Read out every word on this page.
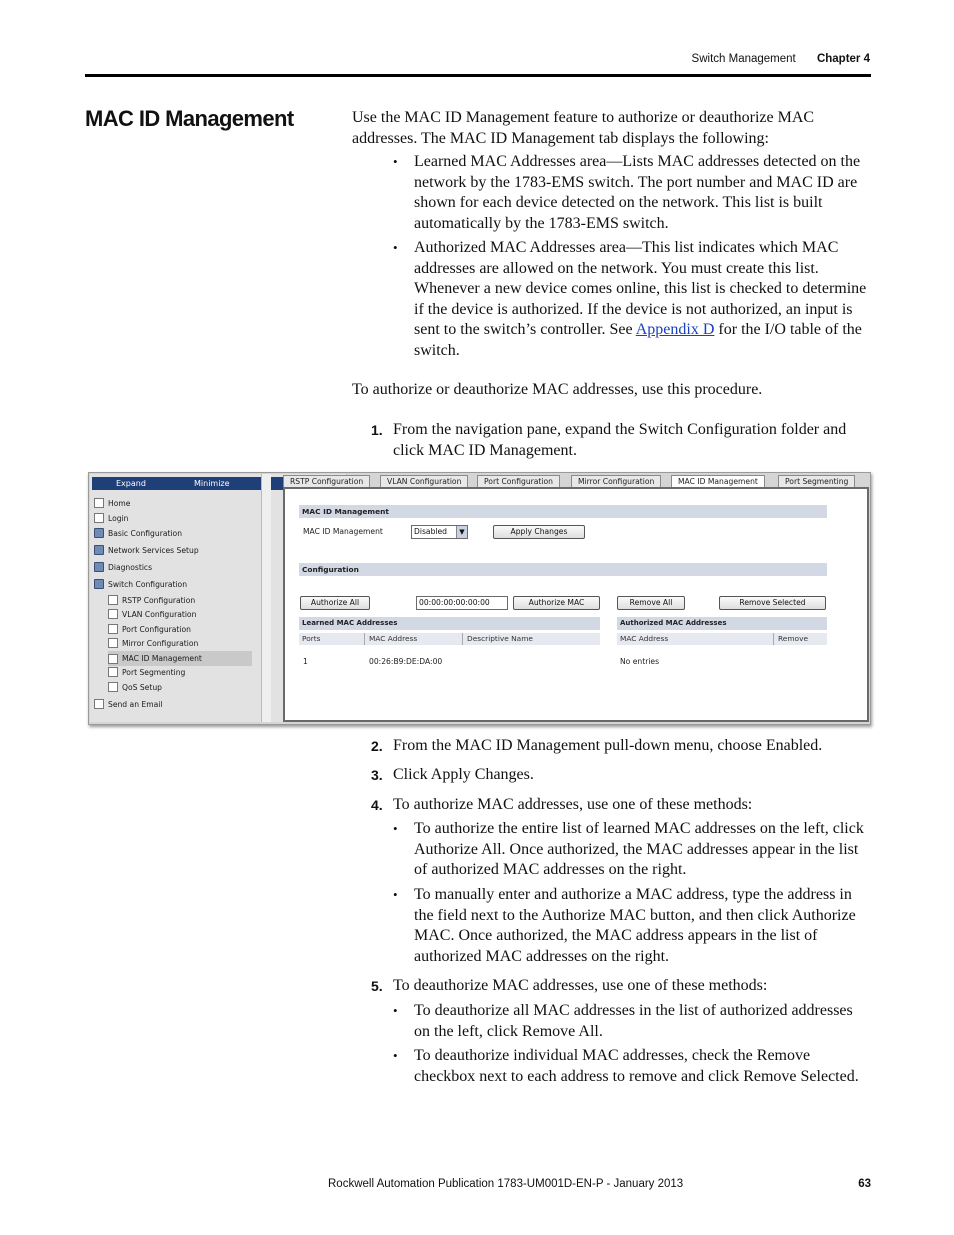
Switch Management Chapter 4
MAC ID Management	Use the MAC ID Management feature to authorize or deauthorize MAC addresses. The MAC ID Management tab displays the following:

• Learned MAC Addresses area—Lists MAC addresses detected on the network by the 1783-EMS switch. The port number and MAC ID are shown for each device detected on the network. This list is built automatically by the 1783-EMS switch.
• Authorized MAC Addresses area—This list indicates which MAC addresses are allowed on the network. You must create this list. Whenever a new device comes online, this list is checked to determine if the device is authorized. If the device is not authorized, an input is sent to the switch’s controller. See Appendix D for the I/O table of the switch.

To authorize or deauthorize MAC addresses, use this procedure.

1. From the navigation pane, expand the Switch Configuration folder and click MAC ID Management.
Expand	Minimize
Home
Login
Basic Configuration
Network Services Setup
Diagnostics
Switch Configuration
RSTP Configuration
VLAN Configuration
Port Configuration
Mirror Configuration
MAC ID Management
Port Segmenting
QoS Setup
Send an Email
RSTP Configuration	VLAN Configuration	Port Configuration	Mirror Configuration	MAC ID Management	Port Segmenting
MAC ID Management
MAC ID Management	Disabled	▼	Apply Changes
Configuration
Authorize All	00:00:00:00:00:00	Authorize MAC	Remove All	Remove Selected
Learned MAC Addresses
Ports	MAC Address	Descriptive Name
1	00:26:B9:DE:DA:00
Authorized MAC Addresses
MAC Address	Remove
No entries
2. From the MAC ID Management pull-down menu, choose Enabled.
3. Click Apply Changes.
4. To authorize MAC addresses, use one of these methods:
• To authorize the entire list of learned MAC addresses on the left, click Authorize All. Once authorized, the MAC addresses appear in the list of authorized MAC addresses on the right.
• To manually enter and authorize a MAC address, type the address in the field next to the Authorize MAC button, and then click Authorize MAC. Once authorized, the MAC address appears in the list of authorized MAC addresses on the right.
5. To deauthorize MAC addresses, use one of these methods:
• To deauthorize all MAC addresses in the list of authorized addresses on the left, click Remove All.
• To deauthorize individual MAC addresses, check the Remove checkbox next to each address to remove and click Remove Selected.
Rockwell Automation Publication 1783-UM001D-EN-P - January 2013	63
